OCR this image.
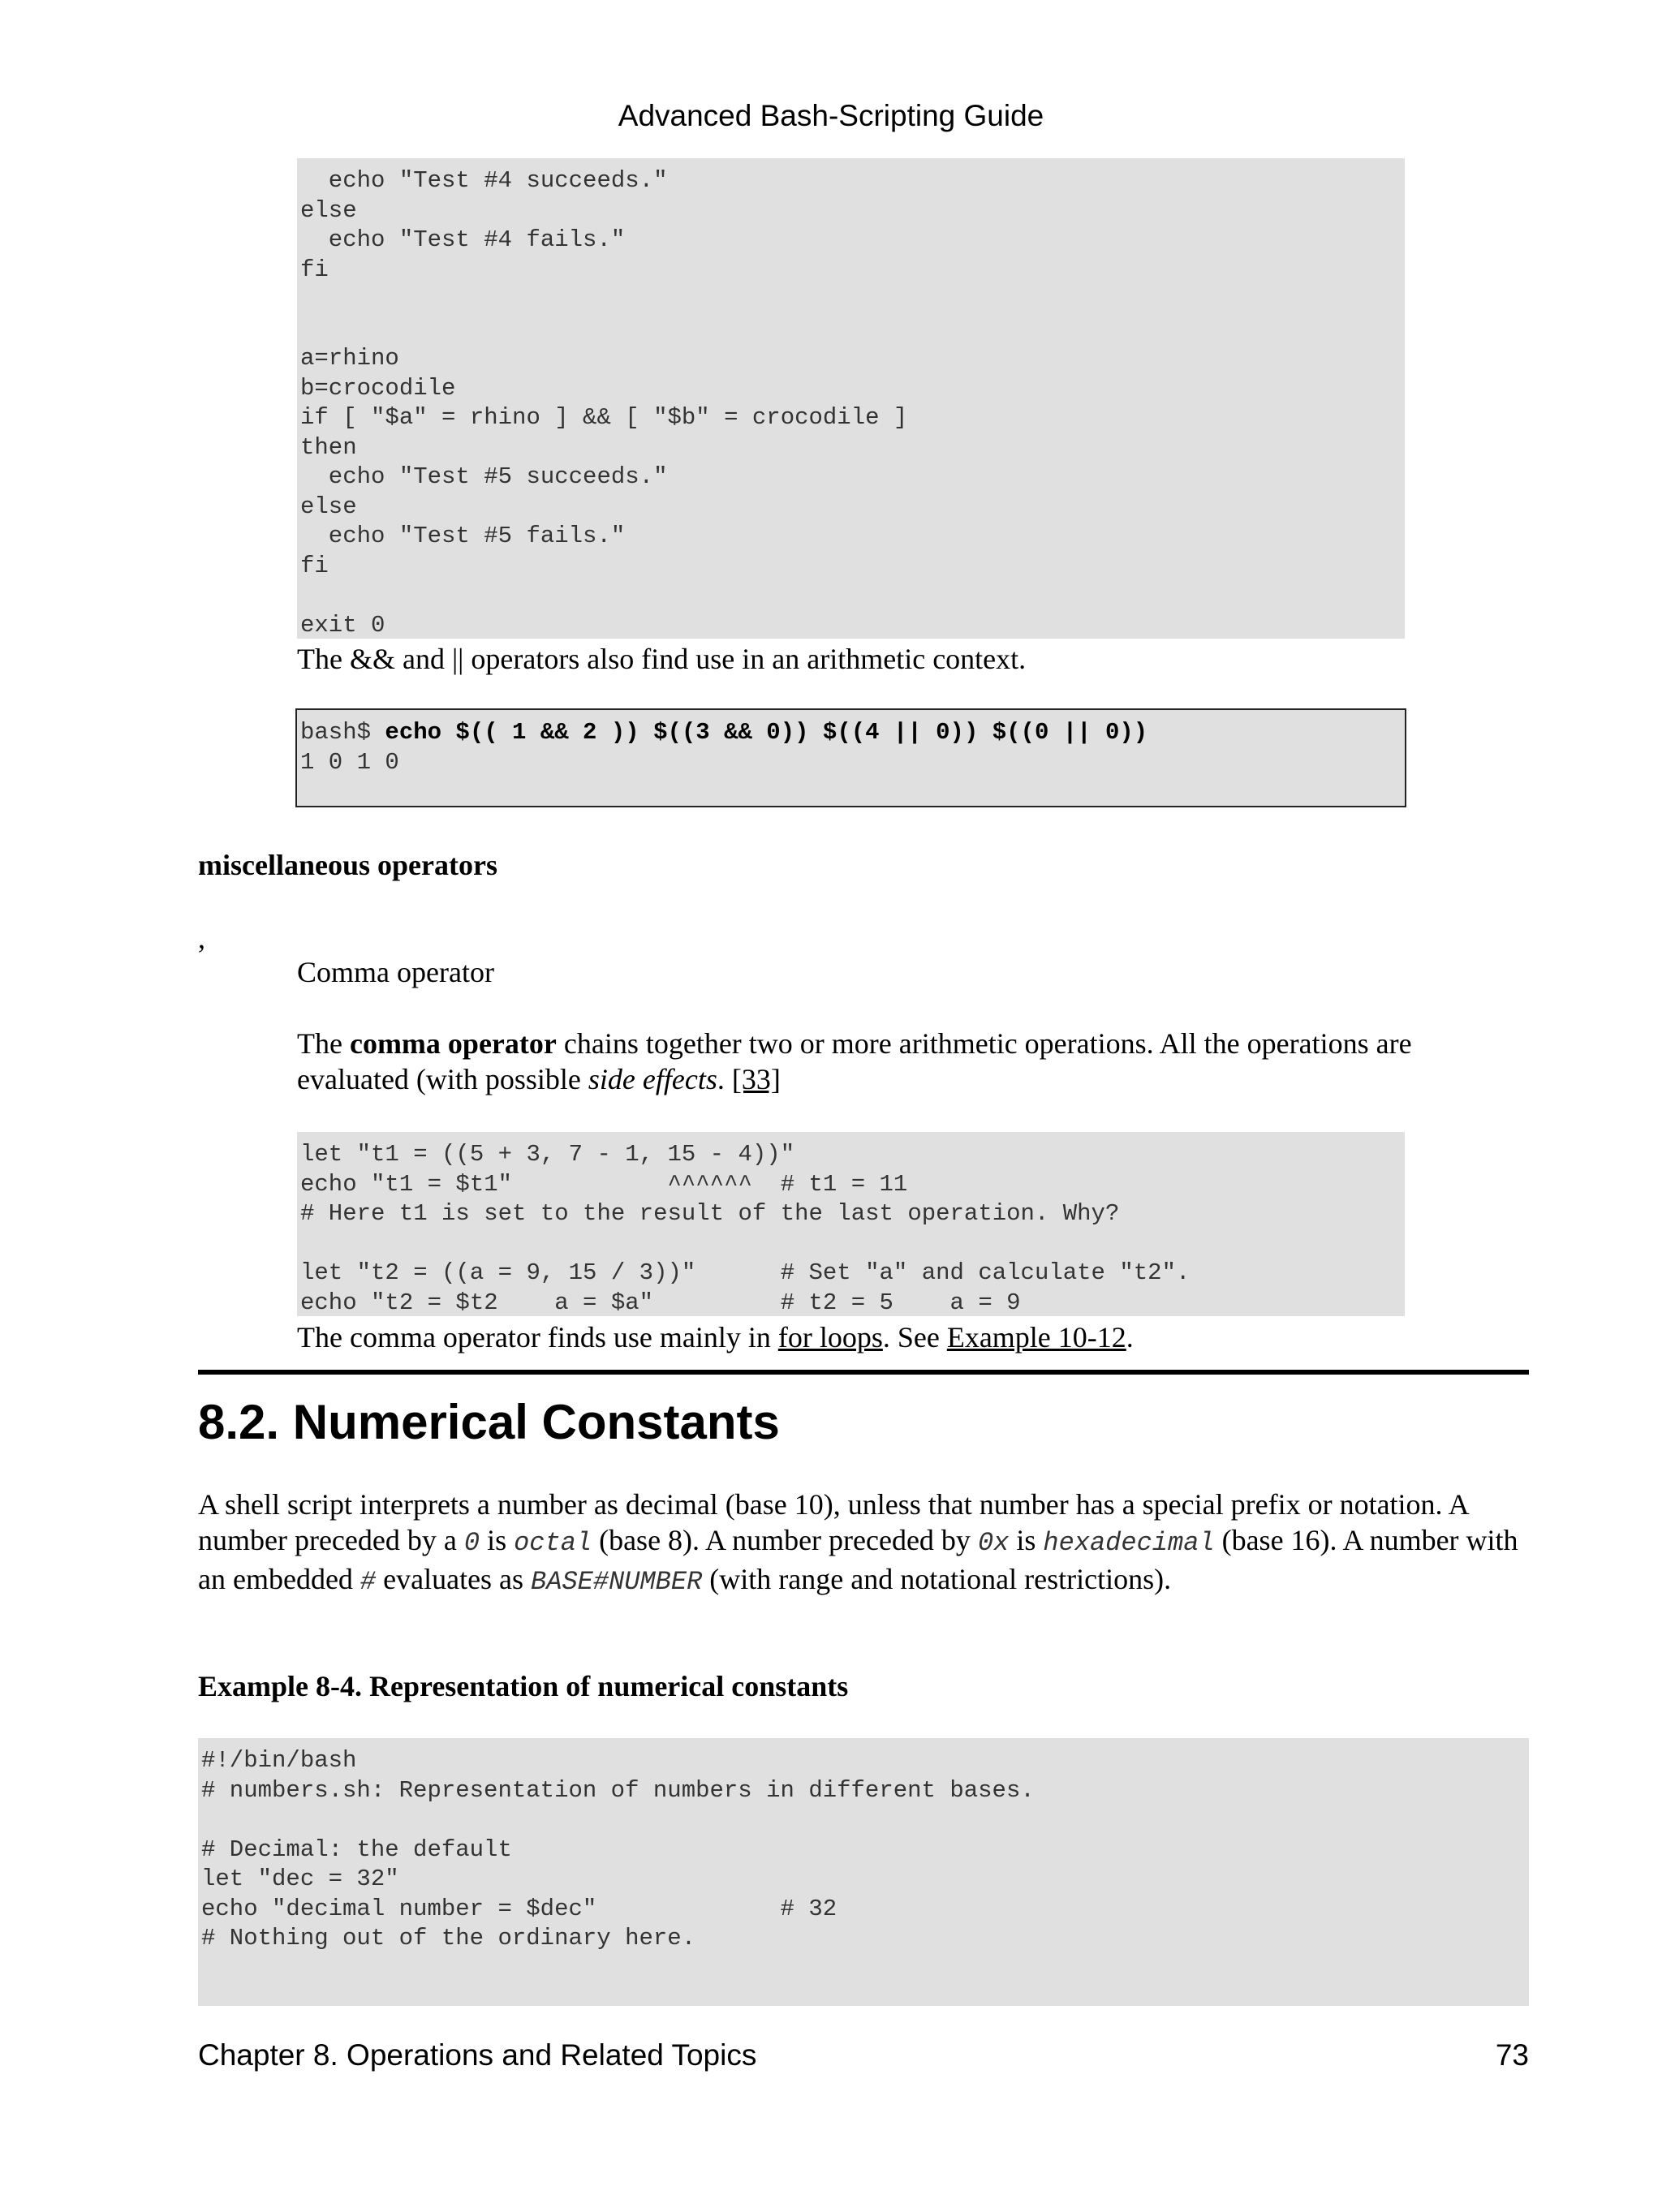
Advanced Bash-Scripting Guide
echo "Test #4 succeeds."
else
echo "Test #4 fails."
fi

a=rhino
b=crocodile
if [ "$a" = rhino ] && [ "$b" = crocodile ]
then
echo "Test #5 succeeds."
else
echo "Test #5 fails."
fi

exit 0

The && and || operators also find use in an arithmetic context.

bash$ echo $(( 1 && 2 )) $((3 && 0)) $((4 || 0)) $((0 || 0))
1 0 1 0

miscellaneous operators

,

Comma operator

The comma operator chains together two or more arithmetic operations. All the operations are evaluated (with possible side effects. [33]

let "t1 = ((5 + 3, 7 - 1, 15 - 4))"
echo "t1 = $t1"           ^^^^^^  # t1 = 11
# Here t1 is set to the result of the last operation. Why?

let "t2 = ((a = 9, 15 / 3))"      # Set "a" and calculate "t2".
echo "t2 = $t2    a = $a"         # t2 = 5    a = 9

The comma operator finds use mainly in for loops. See Example 10-12.

8.2. Numerical Constants

A shell script interprets a number as decimal (base 10), unless that number has a special prefix or notation. A number preceded by a 0 is octal (base 8). A number preceded by 0x is hexadecimal (base 16). A number with an embedded # evaluates as BASE#NUMBER (with range and notational restrictions).

Example 8-4. Representation of numerical constants

#!/bin/bash
# numbers.sh: Representation of numbers in different bases.

# Decimal: the default
let "dec = 32"
echo "decimal number = $dec"             # 32
# Nothing out of the ordinary here.
Chapter 8. Operations and Related Topics	73
